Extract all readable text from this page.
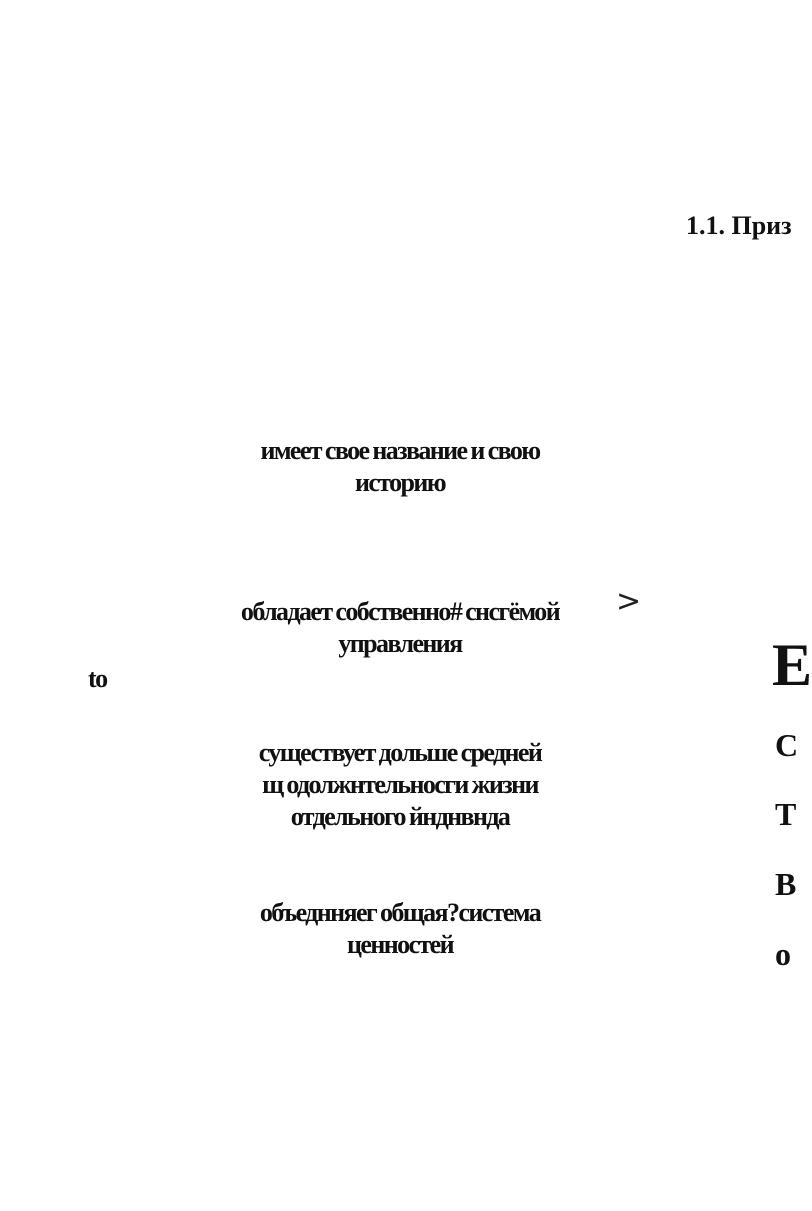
1.1. Приз
имеет свое название и свою
историю
обладает собственно# снсгёмой
управления
>
to
существует дольше средней
щ одолжнтельносги жизни
отдельного йнднвнда
объеднняег общая?система
ценностей
Е
С
Т
В
о
